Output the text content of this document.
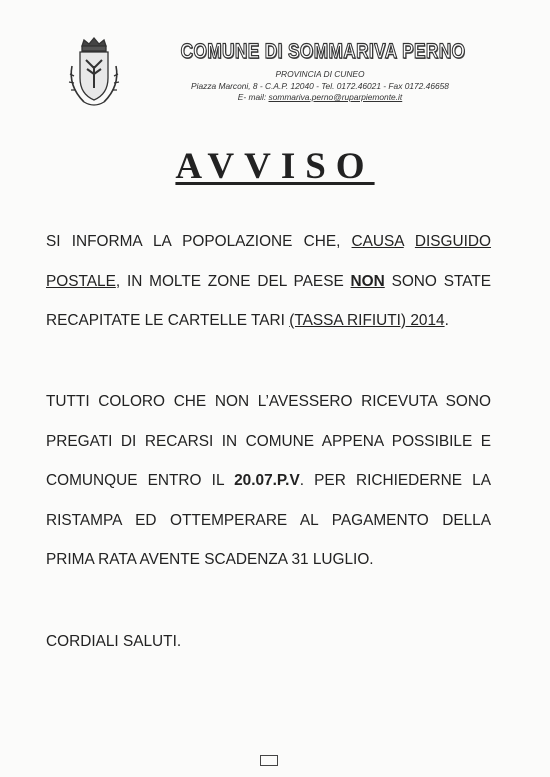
COMUNE DI SOMMARIVA PERNO
PROVINCIA DI CUNEO
Piazza Marconi, 8 - C.A.P. 12040 - Tel. 0172.46021 - Fax 0172.46658
E- mail: sommariva.perno@ruparpiemonte.it
AVVISO
SI INFORMA LA POPOLAZIONE CHE, CAUSA DISGUIDO POSTALE, IN MOLTE ZONE DEL PAESE NON SONO STATE RECAPITATE LE CARTELLE TARI (TASSA RIFIUTI) 2014.
TUTTI COLORO CHE NON L’AVESSERO RICEVUTA SONO PREGATI DI RECARSI IN COMUNE APPENA POSSIBILE E COMUNQUE ENTRO IL 20.07.P.V. PER RICHIEDERNE LA RISTAMPA ED OTTEMPERARE AL PAGAMENTO DELLA PRIMA RATA AVENTE SCADENZA 31 LUGLIO.
CORDIALI SALUTI.
